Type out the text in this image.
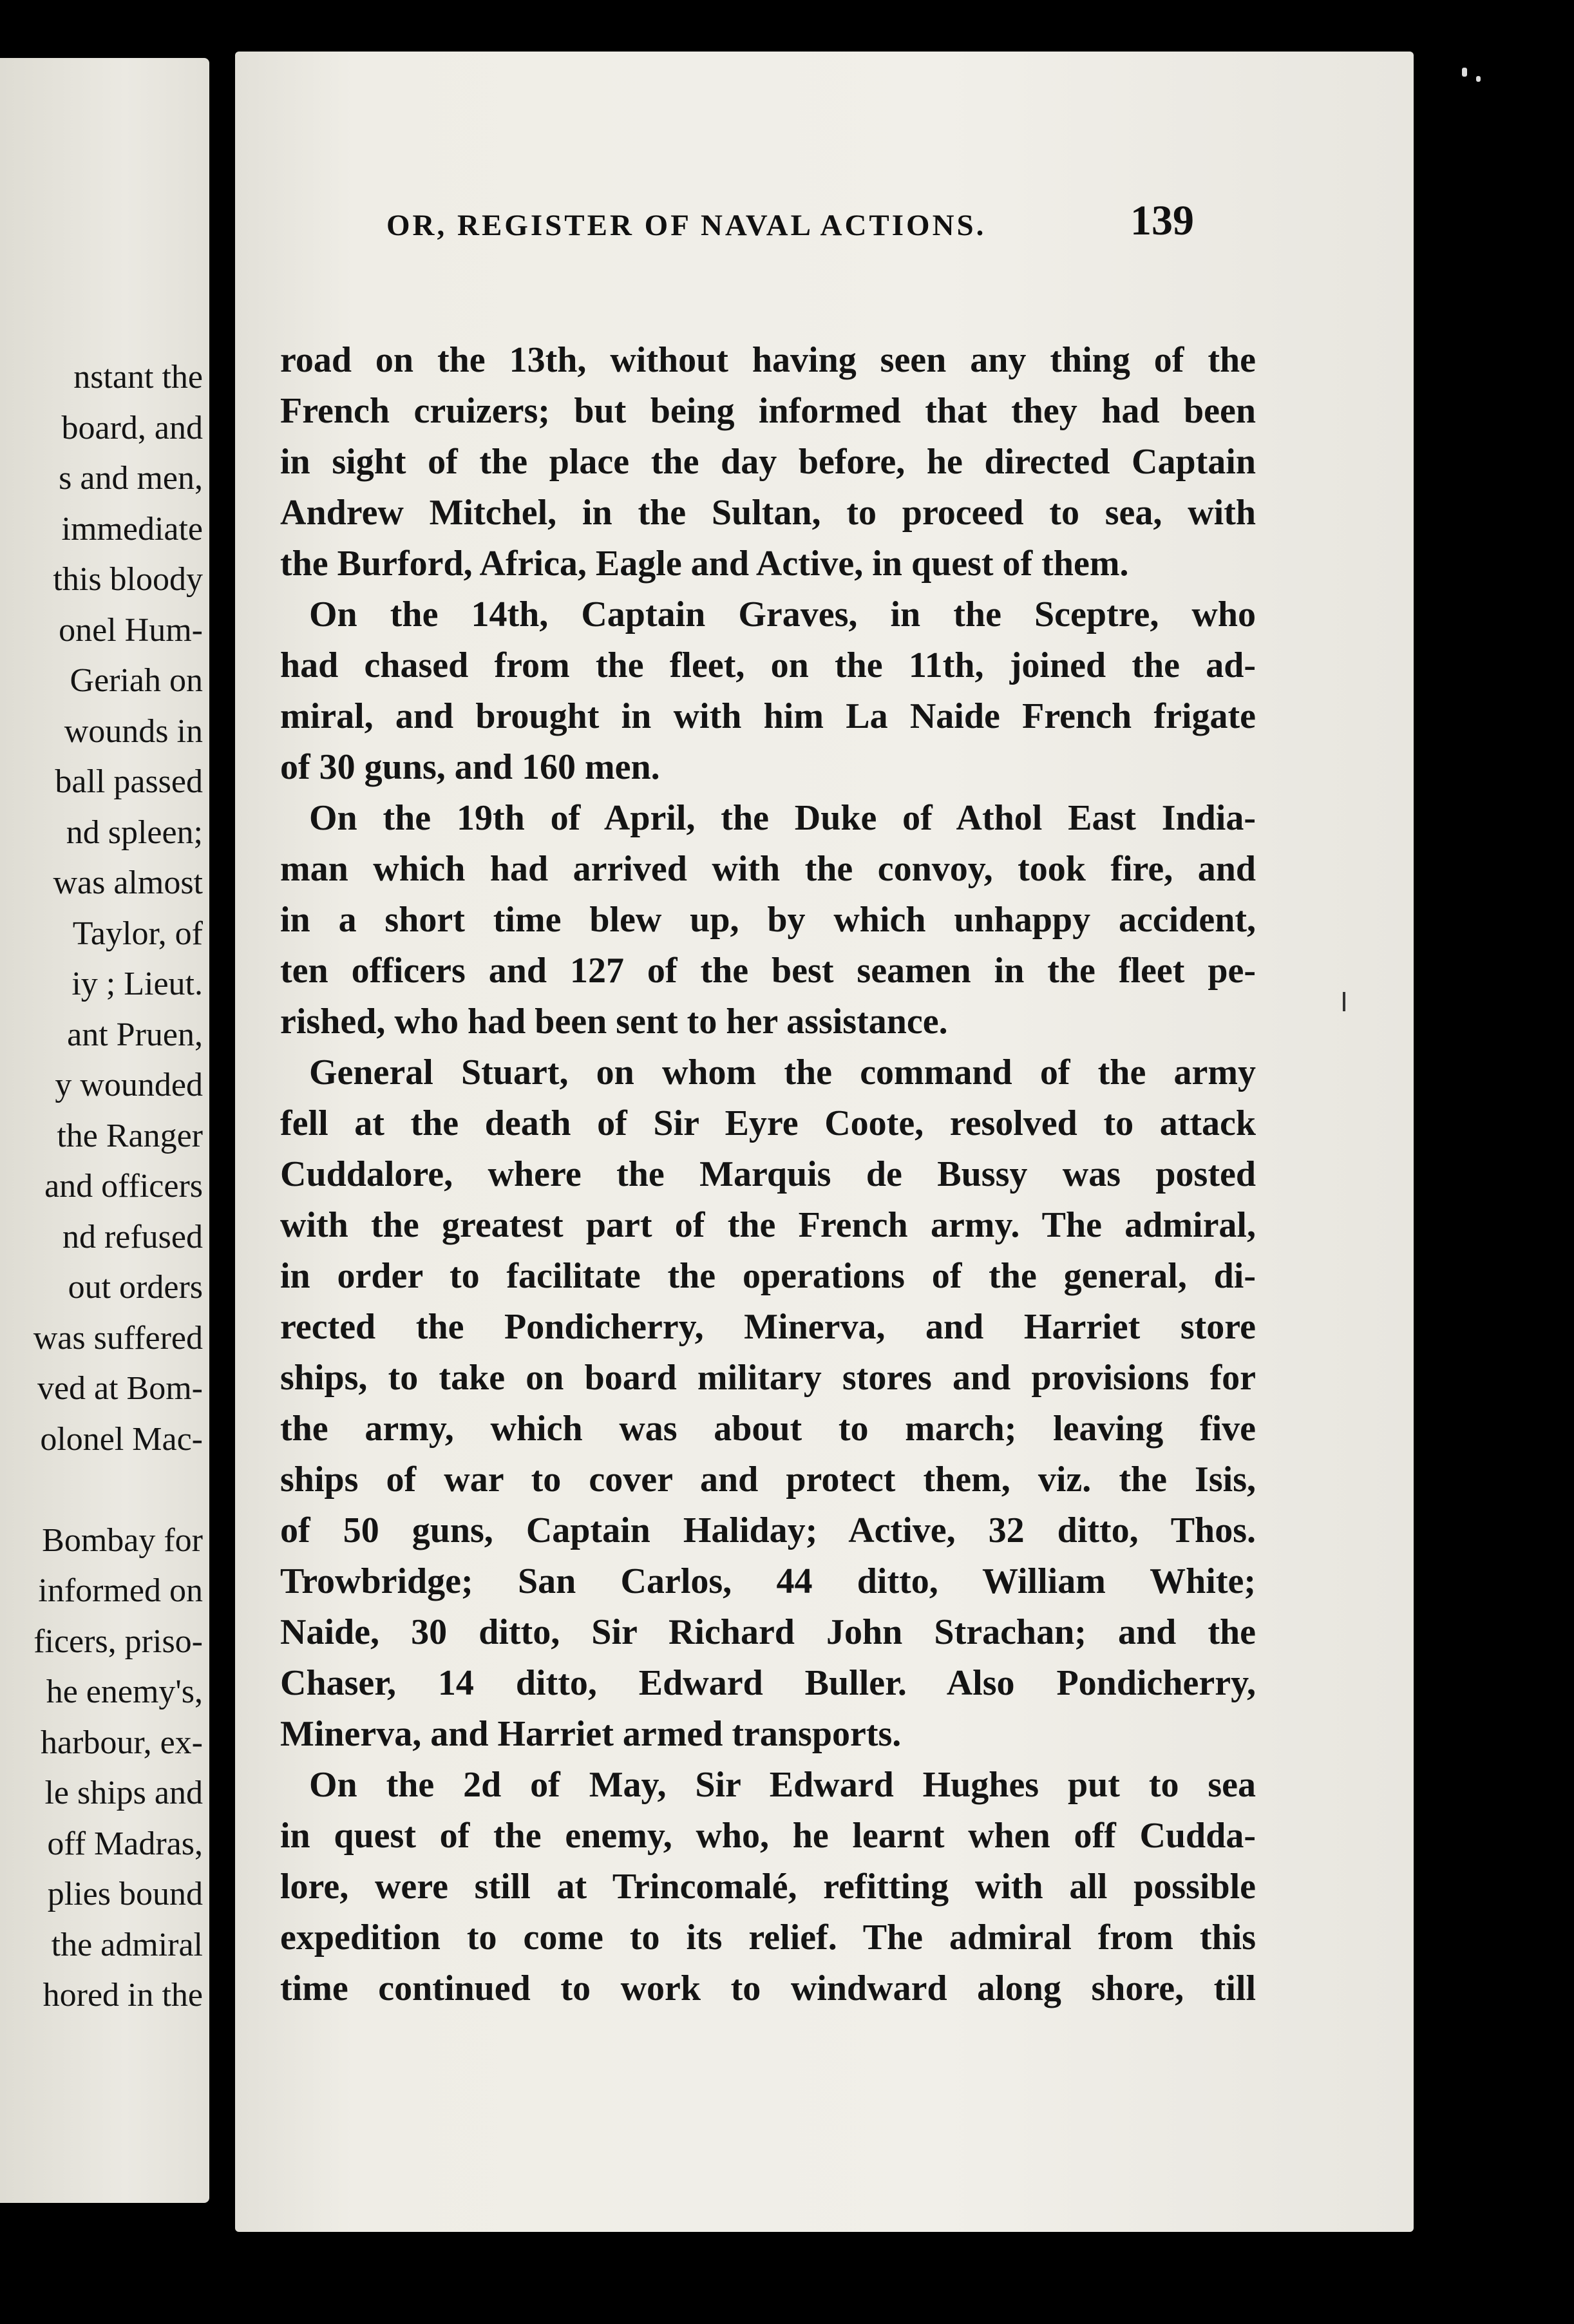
nstant the
board, and
s and men,
immediate
this bloody
onel Hum-
Geriah on
wounds in
ball passed
nd spleen;
was almost
Taylor, of
iy ; Lieut.
ant Pruen,
y wounded
the Ranger
and officers
nd refused
out orders
was suffered
ved at Bom-
olonel Mac-
Bombay for
informed on
ficers, priso-
he enemy's,
harbour, ex-
le ships and
off Madras,
plies bound
the admiral
hored in the
OR, REGISTER OF NAVAL ACTIONS.	139
road on the 13th, without having seen any thing of the
French cruizers; but being informed that they had been
in sight of the place the day before, he directed Captain
Andrew Mitchel, in the Sultan, to proceed to sea, with
the Burford, Africa, Eagle and Active, in quest of them.
On the 14th, Captain Graves, in the Sceptre, who
had chased from the fleet, on the 11th, joined the ad-
miral, and brought in with him La Naide French frigate
of 30 guns, and 160 men.
On the 19th of April, the Duke of Athol East India-
man which had arrived with the convoy, took fire, and
in a short time blew up, by which unhappy accident,
ten officers and 127 of the best seamen in the fleet pe-
rished, who had been sent to her assistance.
General Stuart, on whom the command of the army
fell at the death of Sir Eyre Coote, resolved to attack
Cuddalore, where the Marquis de Bussy was posted
with the greatest part of the French army. The admiral,
in order to facilitate the operations of the general, di-
rected the Pondicherry, Minerva, and Harriet store
ships, to take on board military stores and provisions for
the army, which was about to march; leaving five
ships of war to cover and protect them, viz. the Isis,
of 50 guns, Captain Haliday; Active, 32 ditto, Thos.
Trowbridge; San Carlos, 44 ditto, William White;
Naide, 30 ditto, Sir Richard John Strachan; and the
Chaser, 14 ditto, Edward Buller. Also Pondicherry,
Minerva, and Harriet armed transports.
On the 2d of May, Sir Edward Hughes put to sea
in quest of the enemy, who, he learnt when off Cudda-
lore, were still at Trincomalé, refitting with all possible
expedition to come to its relief. The admiral from this
time continued to work to windward along shore, till
